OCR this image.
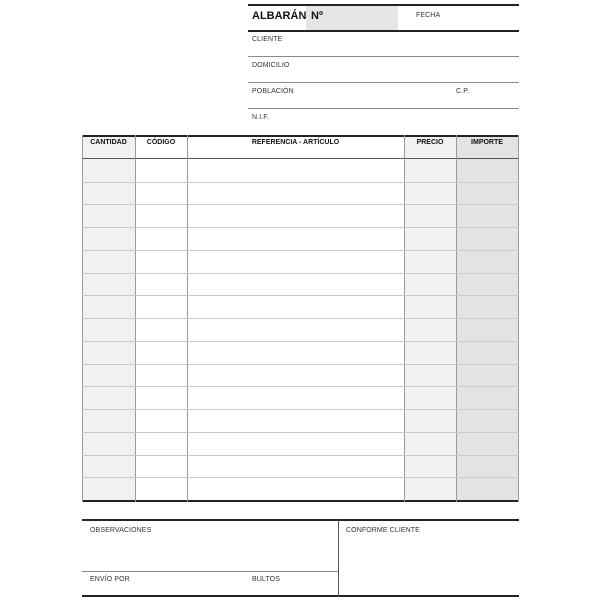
ALBARÁN Nº	FECHA
CLIENTE
DOMICILIO
POBLACIÓN	C.P.
N.I.F.
CANTIDAD	CÓDIGO	REFERENCIA - ARTÍCULO	PRECIO	IMPORTE
OBSERVACIONES	CONFORME CLIENTE
ENVÍO POR	BULTOS
